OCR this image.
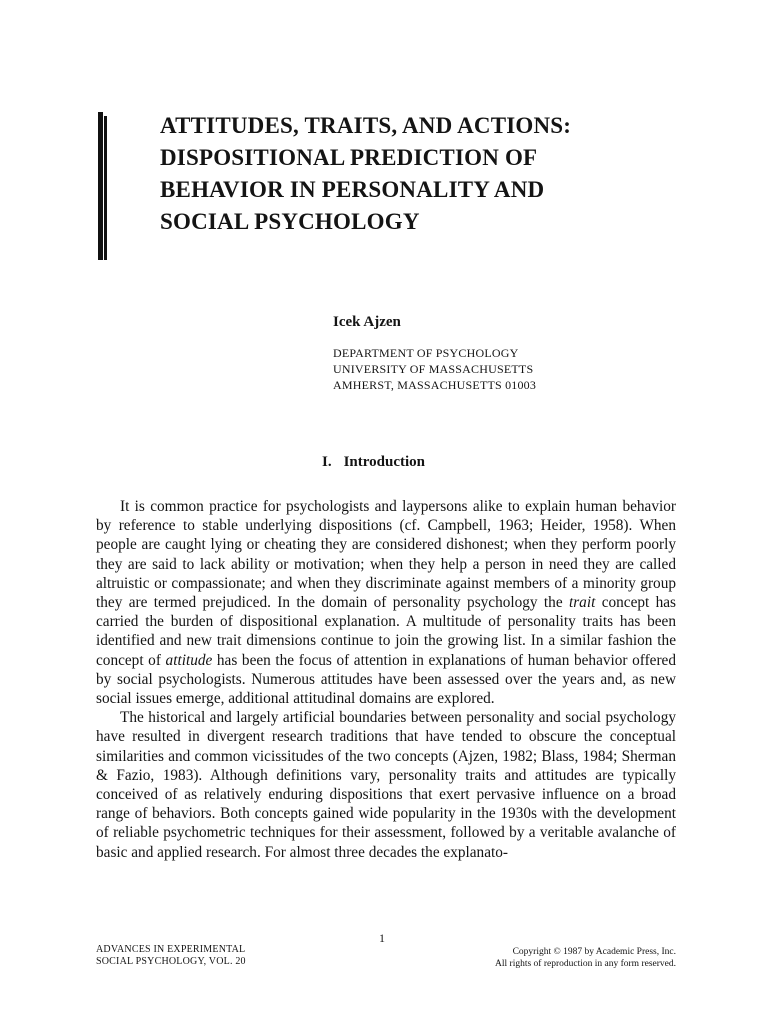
ATTITUDES, TRAITS, AND ACTIONS:
DISPOSITIONAL PREDICTION OF
BEHAVIOR IN PERSONALITY AND
SOCIAL PSYCHOLOGY

Icek Ajzen

DEPARTMENT OF PSYCHOLOGY
UNIVERSITY OF MASSACHUSETTS
AMHERST, MASSACHUSETTS 01003
I. Introduction

It is common practice for psychologists and laypersons alike to explain human behavior by reference to stable underlying dispositions (cf. Campbell, 1963; Heider, 1958). When people are caught lying or cheating they are considered dishonest; when they perform poorly they are said to lack ability or motivation; when they help a person in need they are called altruistic or compassionate; and when they discriminate against members of a minority group they are termed prejudiced. In the domain of personality psychology the trait concept has carried the burden of dispositional explanation. A multitude of personality traits has been identified and new trait dimensions continue to join the growing list. In a similar fashion the concept of attitude has been the focus of attention in explanations of human behavior offered by social psychologists. Numerous attitudes have been assessed over the years and, as new social issues emerge, additional attitudinal domains are explored.

The historical and largely artificial boundaries between personality and social psychology have resulted in divergent research traditions that have tended to obscure the conceptual similarities and common vicissitudes of the two concepts (Ajzen, 1982; Blass, 1984; Sherman & Fazio, 1983). Although definitions vary, personality traits and attitudes are typically conceived of as relatively enduring dispositions that exert pervasive influence on a broad range of behaviors. Both concepts gained wide popularity in the 1930s with the development of reliable psychometric techniques for their assessment, followed by a veritable avalanche of basic and applied research. For almost three decades the explanato-

1
ADVANCES IN EXPERIMENTAL
SOCIAL PSYCHOLOGY, VOL. 20
Copyright © 1987 by Academic Press, Inc.
All rights of reproduction in any form reserved.
